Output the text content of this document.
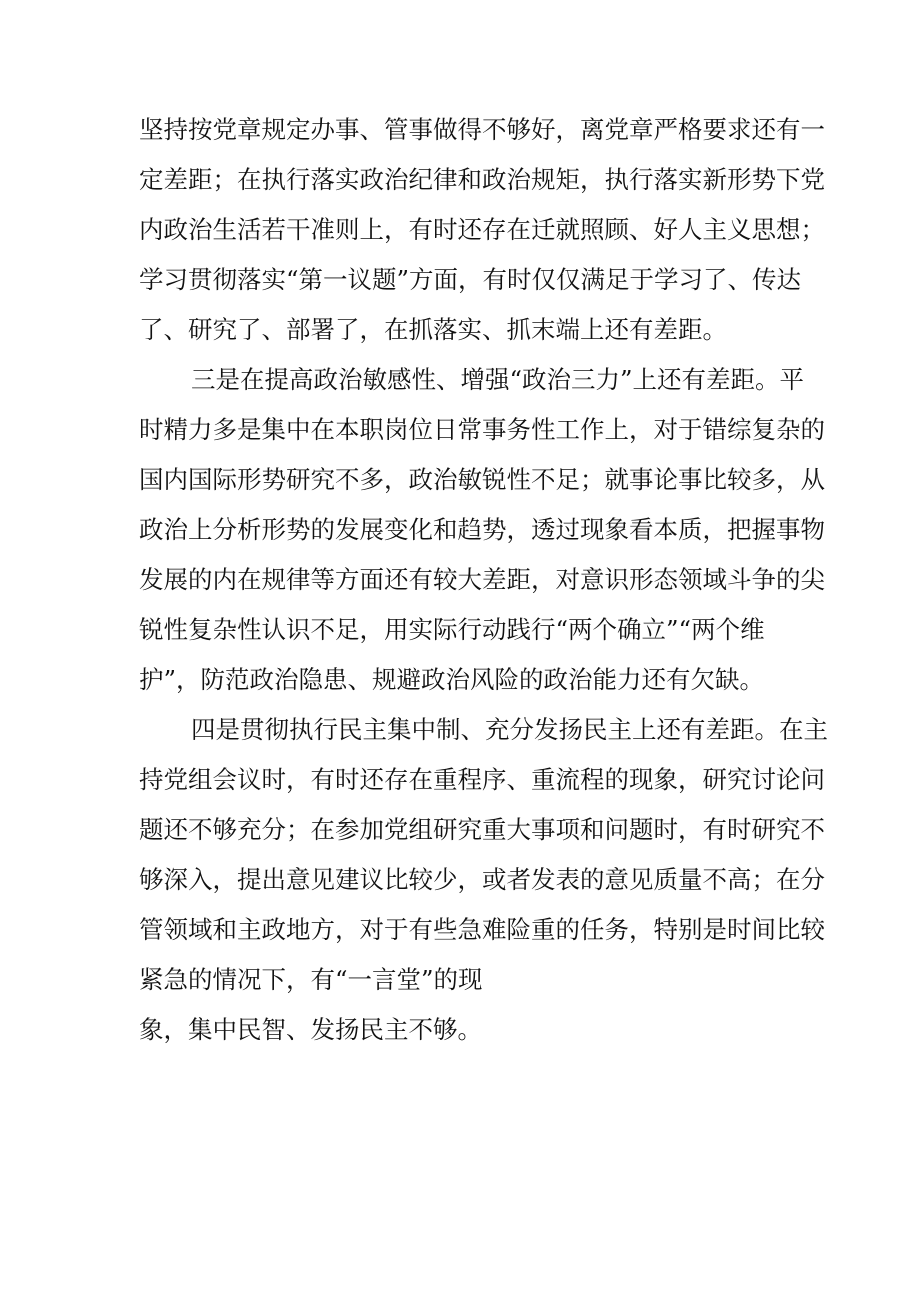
坚持按党章规定办事、管事做得不够好，离党章严格要求还有一
定差距；在执行落实政治纪律和政治规矩，执行落实新形势下党
内政治生活若干准则上，有时还存在迁就照顾、好人主义思想；
学习贯彻落实“第一议题”方面，有时仅仅满足于学习了、传达
了、研究了、部署了，在抓落实、抓末端上还有差距。
三是在提高政治敏感性、增强“政治三力”上还有差距。平
时精力多是集中在本职岗位日常事务性工作上，对于错综复杂的
国内国际形势研究不多，政治敏锐性不足；就事论事比较多，从
政治上分析形势的发展变化和趋势，透过现象看本质，把握事物
发展的内在规律等方面还有较大差距，对意识形态领域斗争的尖
锐性复杂性认识不足，用实际行动践行“两个确立”“两个维
护”，防范政治隐患、规避政治风险的政治能力还有欠缺。
四是贯彻执行民主集中制、充分发扬民主上还有差距。在主
持党组会议时，有时还存在重程序、重流程的现象，研究讨论问
题还不够充分；在参加党组研究重大事项和问题时，有时研究不
够深入，提出意见建议比较少，或者发表的意见质量不高；在分
管领域和主政地方，对于有些急难险重的任务，特别是时间比较
紧急的情况下，有“一言堂”的现
象，集中民智、发扬民主不够。
